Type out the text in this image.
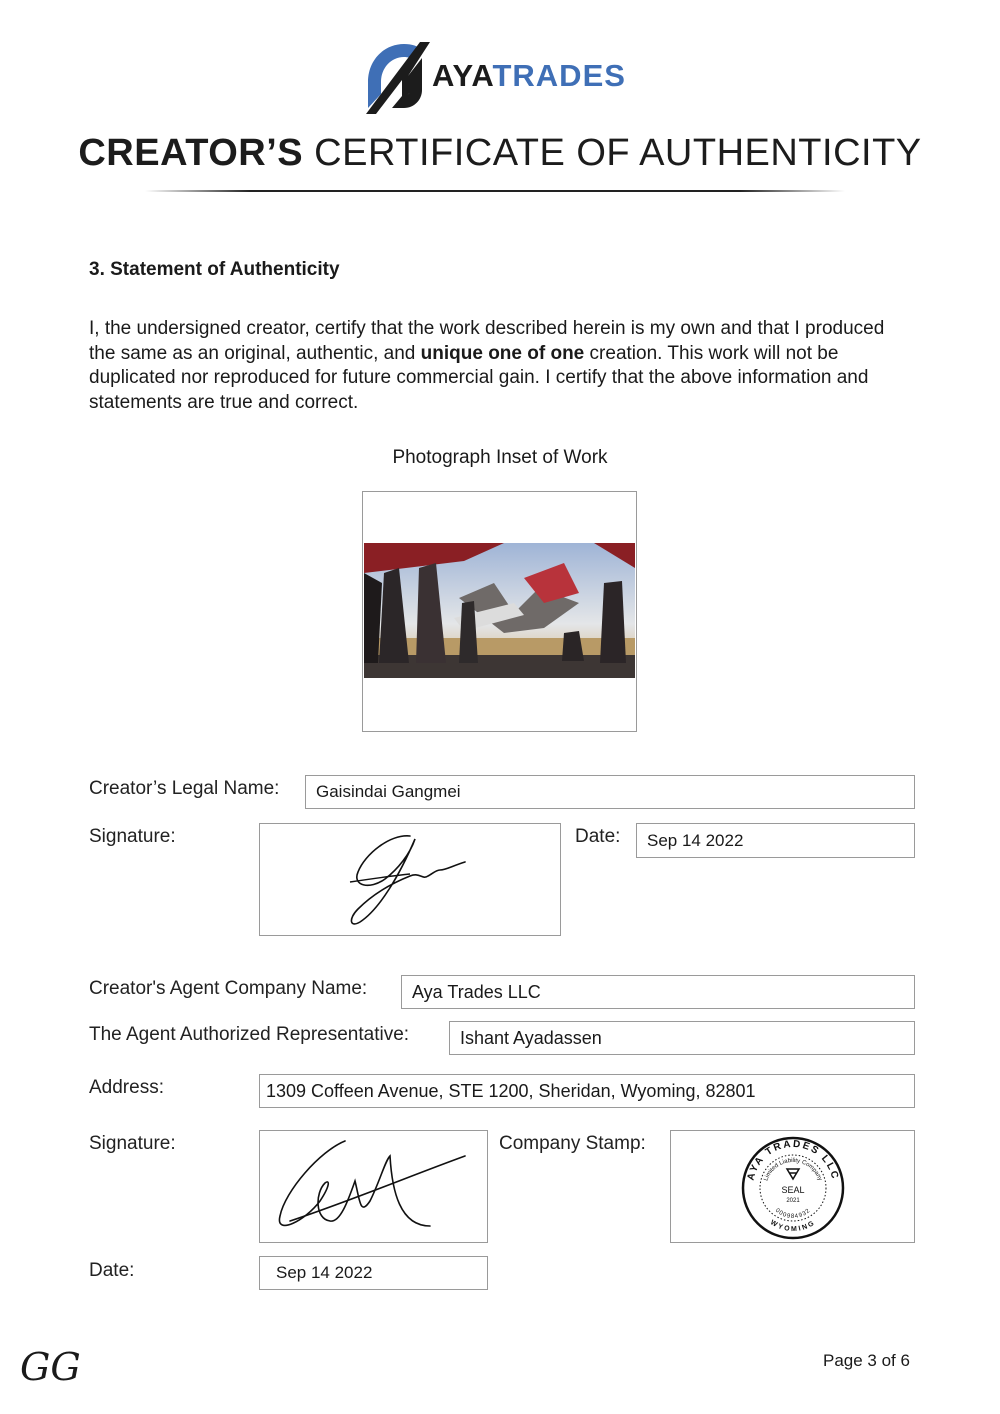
AYATRADES
CREATOR’S CERTIFICATE OF AUTHENTICITY
3. Statement of Authenticity
I, the undersigned creator, certify that the work described herein is my own and that I produced the same as an original, authentic, and unique one of one creation. This work will not be duplicated nor reproduced for future commercial gain. I certify that the above information and statements are true and correct.
Photograph Inset of Work
Creator’s Legal Name:	Gaisindai Gangmei
Signature:	Date:	Sep 14 2022
Creator's Agent Company Name:	Aya Trades LLC
The Agent Authorized Representative:	Ishant Ayadassen
Address:	1309 Coffeen Avenue, STE 1200, Sheridan, Wyoming, 82801
Signature:	Company Stamp:
AYA TRADES LLC
Limited Liability Company
000984932
WYOMING
SEAL
2021
Date:	Sep 14 2022
GG	Page 3 of 6
